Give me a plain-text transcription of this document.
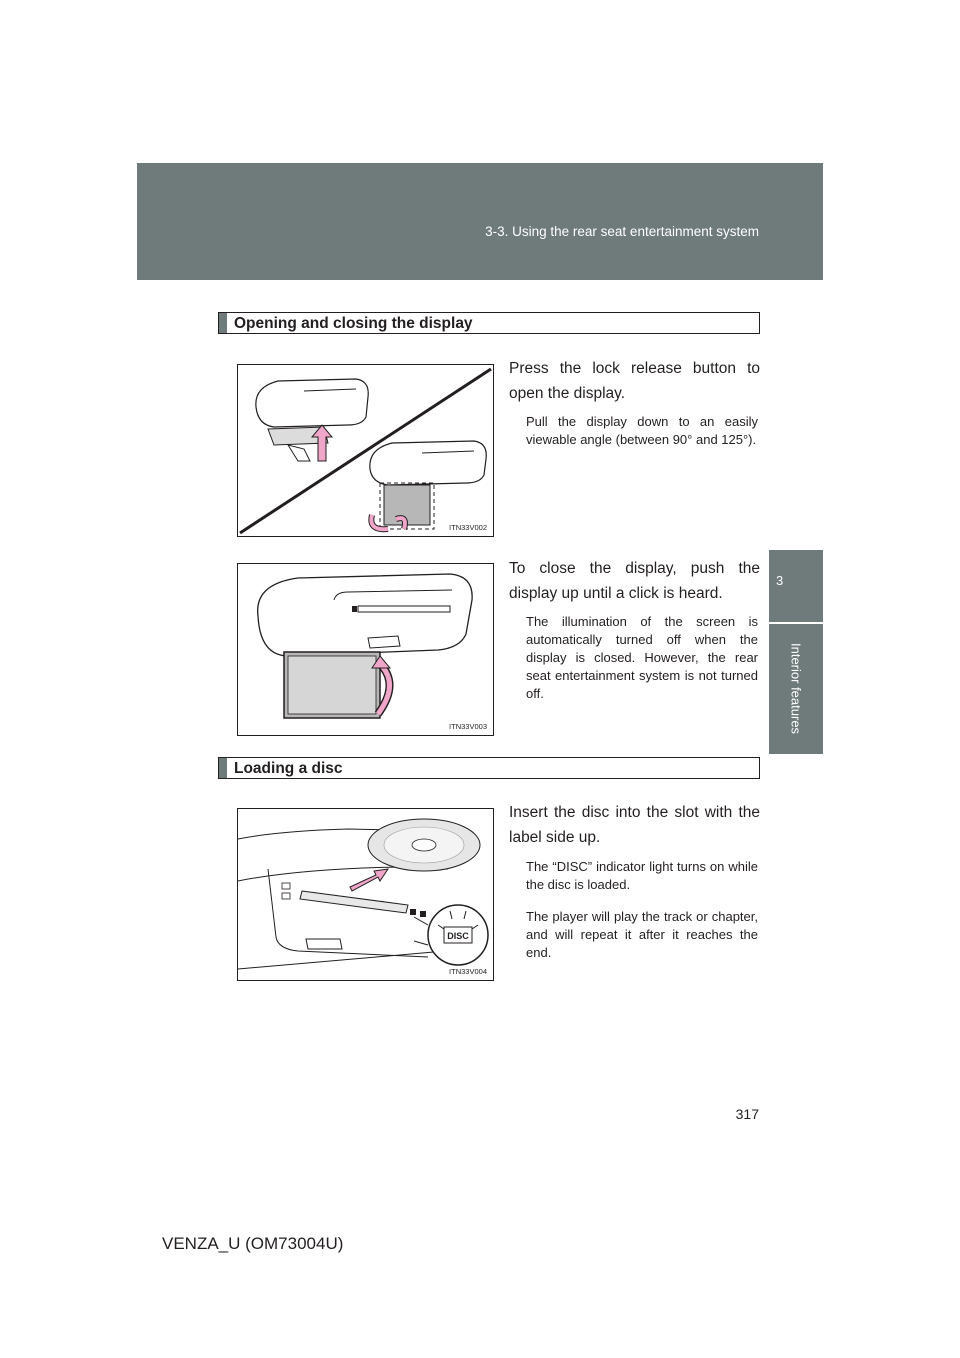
3-3. Using the rear seat entertainment system
3
Interior features
Opening and closing the display
ITN33V002
Press the lock release button to open the display.
Pull the display down to an easily viewable angle (between 90° and 125°).
ITN33V003
To close the display, push the display up until a click is heard.
The illumination of the screen is automatically turned off when the display is closed. However, the rear seat entertainment system is not turned off.
Loading a disc
DISC
ITN33V004
Insert the disc into the slot with the label side up.
The “DISC” indicator light turns on while the disc is loaded.
The player will play the track or chapter, and will repeat it after it reaches the end.
317
VENZA_U (OM73004U)
